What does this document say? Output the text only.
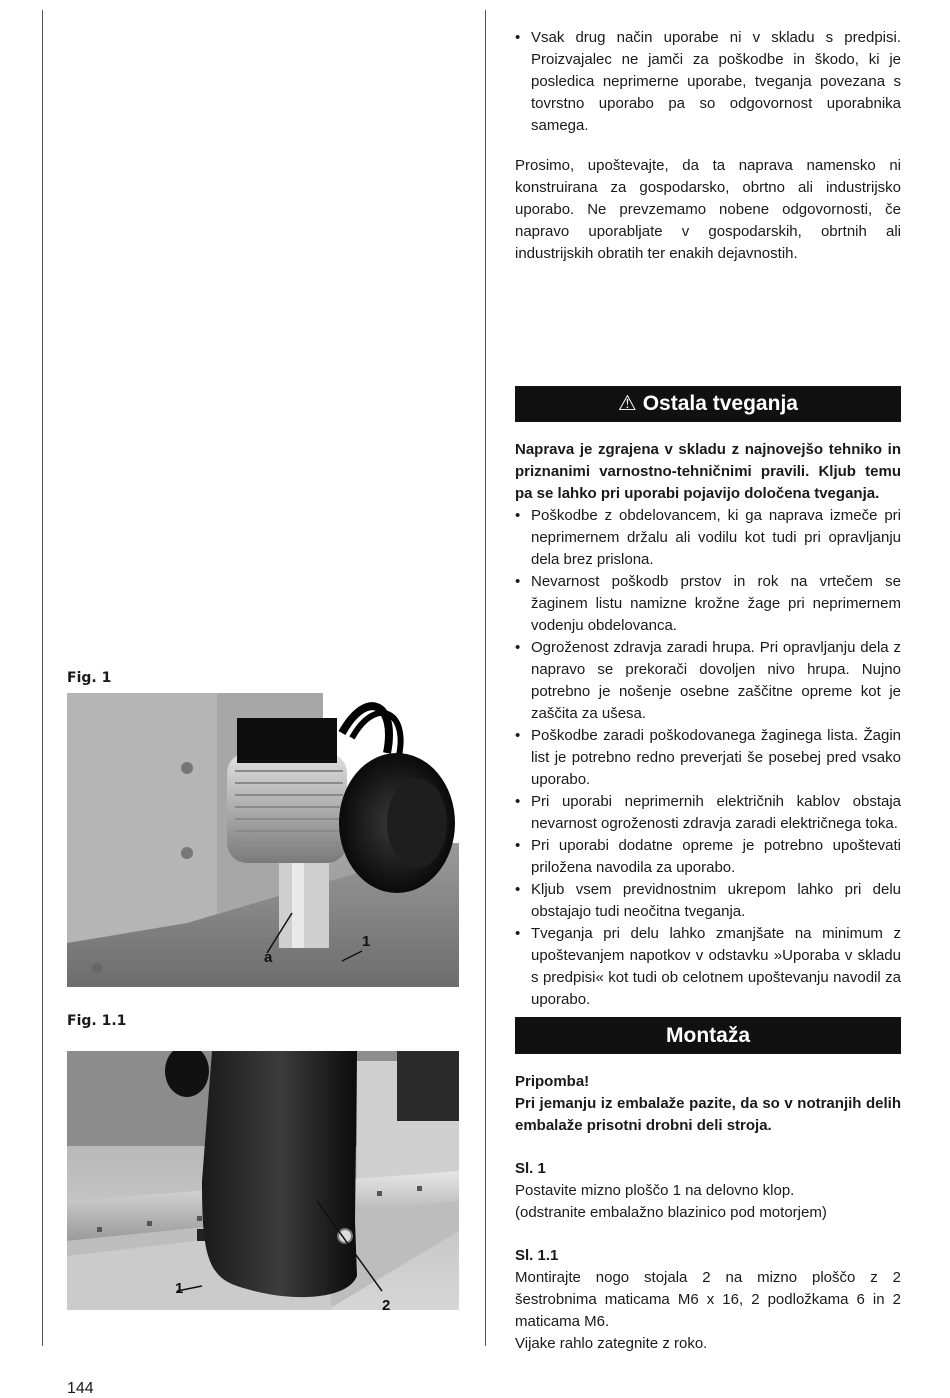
• Vsak drug način uporabe ni v skladu s predpisi. Proizvajalec ne jamči za poškodbe in škodo, ki je posledica neprimerne uporabe, tveganja povezana s tovrstno uporabo pa so odgovornost uporabnika samega.
Prosimo, upoštevajte, da ta naprava namensko ni konstruirana za gospodarsko, obrtno ali industrijsko uporabo. Ne prevzemamo nobene odgovornosti, če napravo uporabljate v gospodarskih, obrtnih ali industrijskih obratih ter enakih dejavnostih.
⚠ Ostala tveganja
Naprava je zgrajena v skladu z najnovejšo tehniko in priznanimi varnostno-tehničnimi pravili. Kljub temu pa se lahko pri uporabi pojavijo določena tveganja.
• Poškodbe z obdelovancem, ki ga naprava izmeče pri neprimernem držalu ali vodilu kot tudi pri opravljanju dela brez prislona.
• Nevarnost poškodb prstov in rok na vrtečem se žaginem listu namizne krožne žage pri neprimernem vodenju obdelovanca.
• Ogroženost zdravja zaradi hrupa. Pri opravljanju dela z napravo se prekorači dovoljen nivo hrupa. Nujno potrebno je nošenje osebne zaščitne opreme kot je zaščita za ušesa.
• Poškodbe zaradi poškodovanega žaginega lista. Žagin list je potrebno redno preverjati še posebej pred vsako uporabo.
• Pri uporabi neprimernih električnih kablov obstaja nevarnost ogroženosti zdravja zaradi električnega toka.
• Pri uporabi dodatne opreme je potrebno upoštevati priložena navodila za uporabo.
• Kljub vsem previdnostnim ukrepom lahko pri delu obstajajo tudi neočitna tveganja.
• Tveganja pri delu lahko zmanjšate na minimum z upoštevanjem napotkov v odstavku »Uporaba v skladu s predpisi« kot tudi ob celotnem upoštevanju navodil za uporabo.
Montaža
Pripomba!
Pri jemanju iz embalaže pazite, da so v notranjih delih embalaže prisotni drobni deli stroja.
Sl. 1
Postavite mizno ploščo 1 na delovno klop.
(odstranite embalažno blazinico pod motorjem)
Sl. 1.1
Montirajte nogo stojala 2 na mizno ploščo z 2 šestrobnima maticama M6 x 16, 2 podložkama 6 in 2 maticama M6.
Vijake rahlo zategnite z roko.
Fig. 1
a
1
Fig. 1.1
1
2
144
